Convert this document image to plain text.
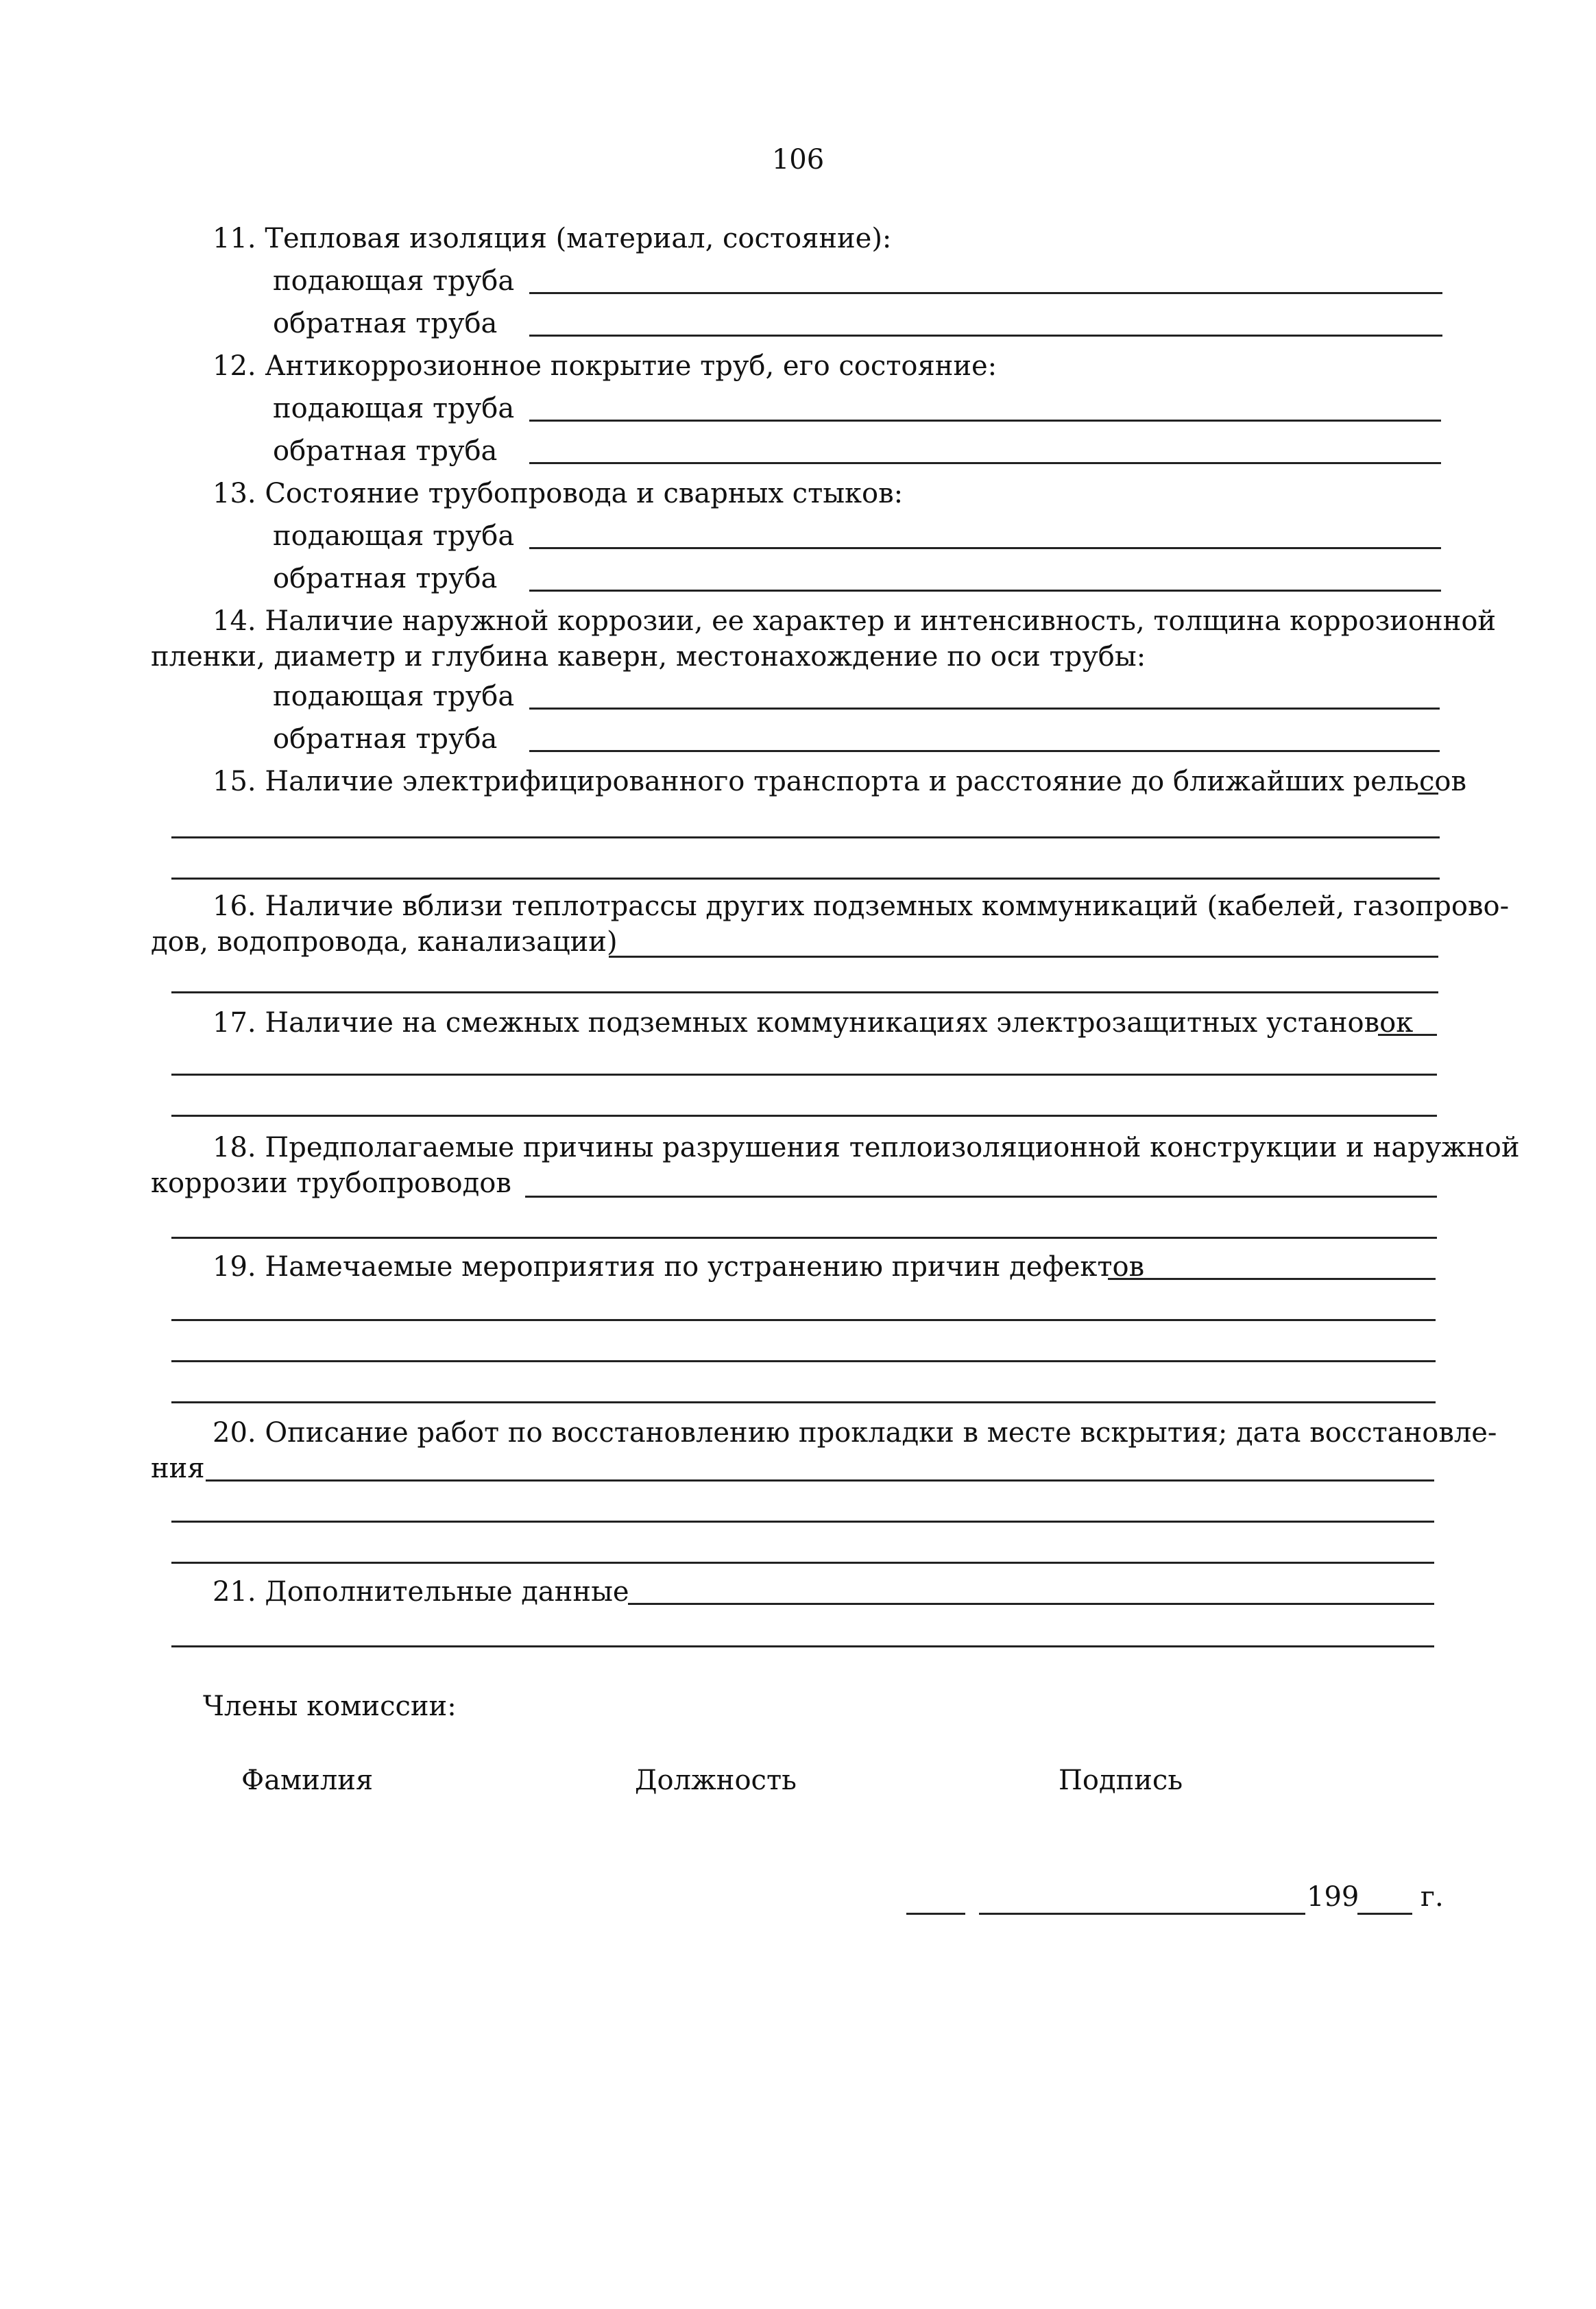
106
11. Тепловая изоляция (материал, состояние):
подающая труба
обратная труба
12. Антикоррозионное покрытие труб, его состояние:
подающая труба
обратная труба
13. Состояние трубопровода и сварных стыков:
подающая труба
обратная труба
14. Наличие наружной коррозии, ее характер и интенсивность, толщина коррозионной
пленки, диаметр и глубина каверн, местонахождение по оси трубы:
подающая труба
обратная труба
15. Наличие электрифицированного транспорта и расстояние до ближайших рельсов
16. Наличие вблизи теплотрассы других подземных коммуникаций (кабелей, газопрово-
дов, водопровода, канализации)
17. Наличие на смежных подземных коммуникациях электрозащитных установок
18. Предполагаемые причины разрушения теплоизоляционной конструкции и наружной
коррозии трубопроводов
19. Намечаемые мероприятия по устранению причин дефектов
20. Описание работ по восстановлению прокладки в месте вскрытия; дата восстановле-
ния
21. Дополнительные данные
Члены комиссии:
Фамилия	Должность	Подпись
199 г.
